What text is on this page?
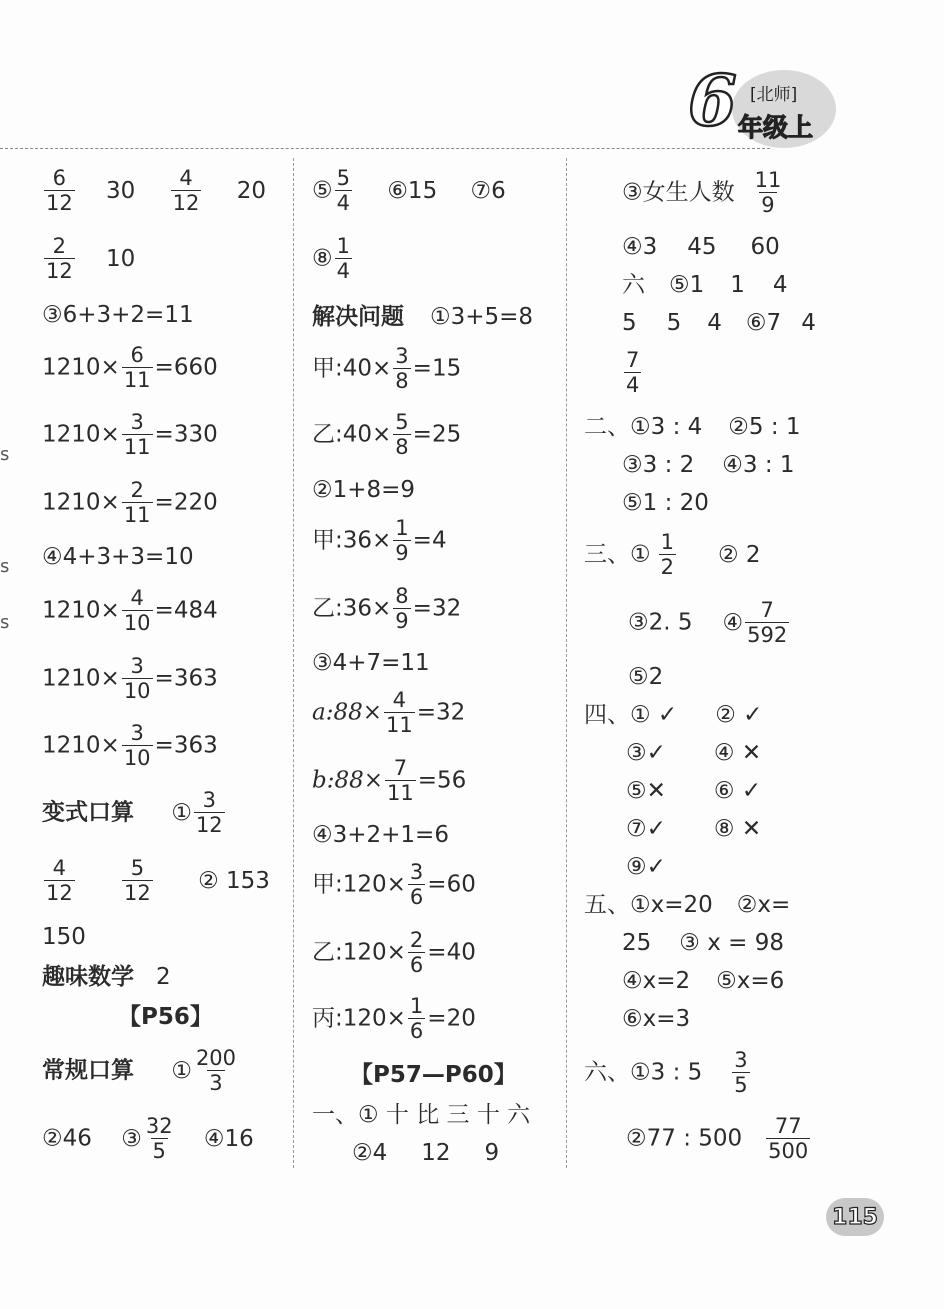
6 [北师]
年级上
s
s
s
$\frac{6}{12} 30 \frac{4}{12} 20$
$\frac{2}{12} 10$
③6+3+2=11
$1210\times \frac{6}{11} =660$
$1210\times \frac{3}{11} =330$
$1210\times \frac{2}{11} =220$
④4+3+3=10
$1210\times \frac{4}{10} =484$
$1210\times \frac{3}{10} =363$
$1210\times \frac{3}{10} =363$
变式口算 ① $\frac{3}{12}$
$\frac{4}{12}$
$\frac{5}{12}$ ② 153
150
趣味数学 2
【P56】
常规口算 ① $\frac{200}{3}$
②46 ③ $\frac{32}{5}$ ④16
⑤ $\frac{5}{4}$ ⑥15 ⑦6
⑧ $\frac{1}{4}$
解决问题 ①3+5=8
甲:40× $\frac{3}{8} =15$
乙:40× $\frac{5}{8} =25$
②1+8=9
甲:36× $\frac{1}{9} =4$
乙:36× $\frac{8}{9} =32$
③4+7=11
a:88× $\frac{4}{11} =32$
b:88× $\frac{7}{11} =56$
④3+2+1=6
甲:120× $\frac{3}{6} =60$
乙:120× $\frac{2}{6} =40$
丙:120× $\frac{1}{6} =20$
【P57—P60】
一、① 十 比 三 十 六
②4 12 9
③女生人数 $\frac{11}{9}$
④3 45 60
六 ⑤1 1 4
5 5 4 ⑥7 4
$\frac{7}{4}$
二、①3 : 4 ②5 : 1
③3 : 2 ④3 : 1
⑤1 : 20
三、① $\frac{1}{2}$ ② 2
③2. 5 ④ $\frac{7}{592}$
⑤2
四、① ✓ ② ✓
③✓ ④ ✕
⑤✕ ⑥ ✓
⑦✓ ⑧ ✕
⑨✓
五、①x=20 ②x=
25 ③ x = 98
④x=2 ⑤x=6
⑥x=3
六、①3 : $5 \frac{3}{5}$
②77 : $500 \frac{77}{500}$
115
